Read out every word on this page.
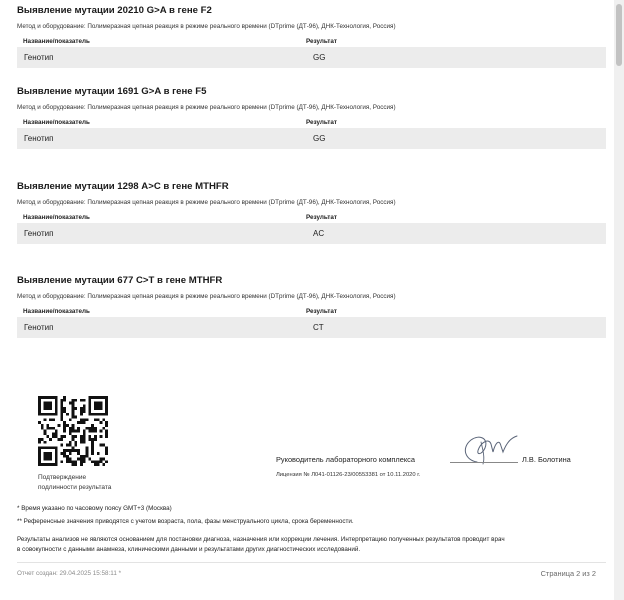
Выявление мутации 20210 G>A в гене F2
Метод и оборудование: Полимеразная цепная реакция в режиме реального времени (DTprime (ДТ-96), ДНК-Технология, Россия)
Название/показатель	Результат
Генотип	GG
Выявление мутации 1691 G>A в гене F5
Метод и оборудование: Полимеразная цепная реакция в режиме реального времени (DTprime (ДТ-96), ДНК-Технология, Россия)
Название/показатель	Результат
Генотип	GG
Выявление мутации 1298 A>C в гене MTHFR
Метод и оборудование: Полимеразная цепная реакция в режиме реального времени (DTprime (ДТ-96), ДНК-Технология, Россия)
Название/показатель	Результат
Генотип	AC
Выявление мутации 677 C>T в гене MTHFR
Метод и оборудование: Полимеразная цепная реакция в режиме реального времени (DTprime (ДТ-96), ДНК-Технология, Россия)
Название/показатель	Результат
Генотип	CT
Подтверждение
подлинности результата
Руководитель лабораторного комплекса	Л.В. Болотина
Лицензия № Л041-01126-23/00553381 от 10.11.2020 г.
* Время указано по часовому поясу GMT+3 (Москва)
** Референсные значения приводятся с учетом возраста, пола, фазы менструального цикла, срока беременности.
Результаты анализов не являются основанием для постановки диагноза, назначения или коррекции лечения. Интерпретацию полученных результатов проводит врач
в совокупности с данными анамнеза, клиническими данными и результатами других диагностических исследований.
Отчет создан: 29.04.2025 15:58:11 *	Страница 2 из 2
